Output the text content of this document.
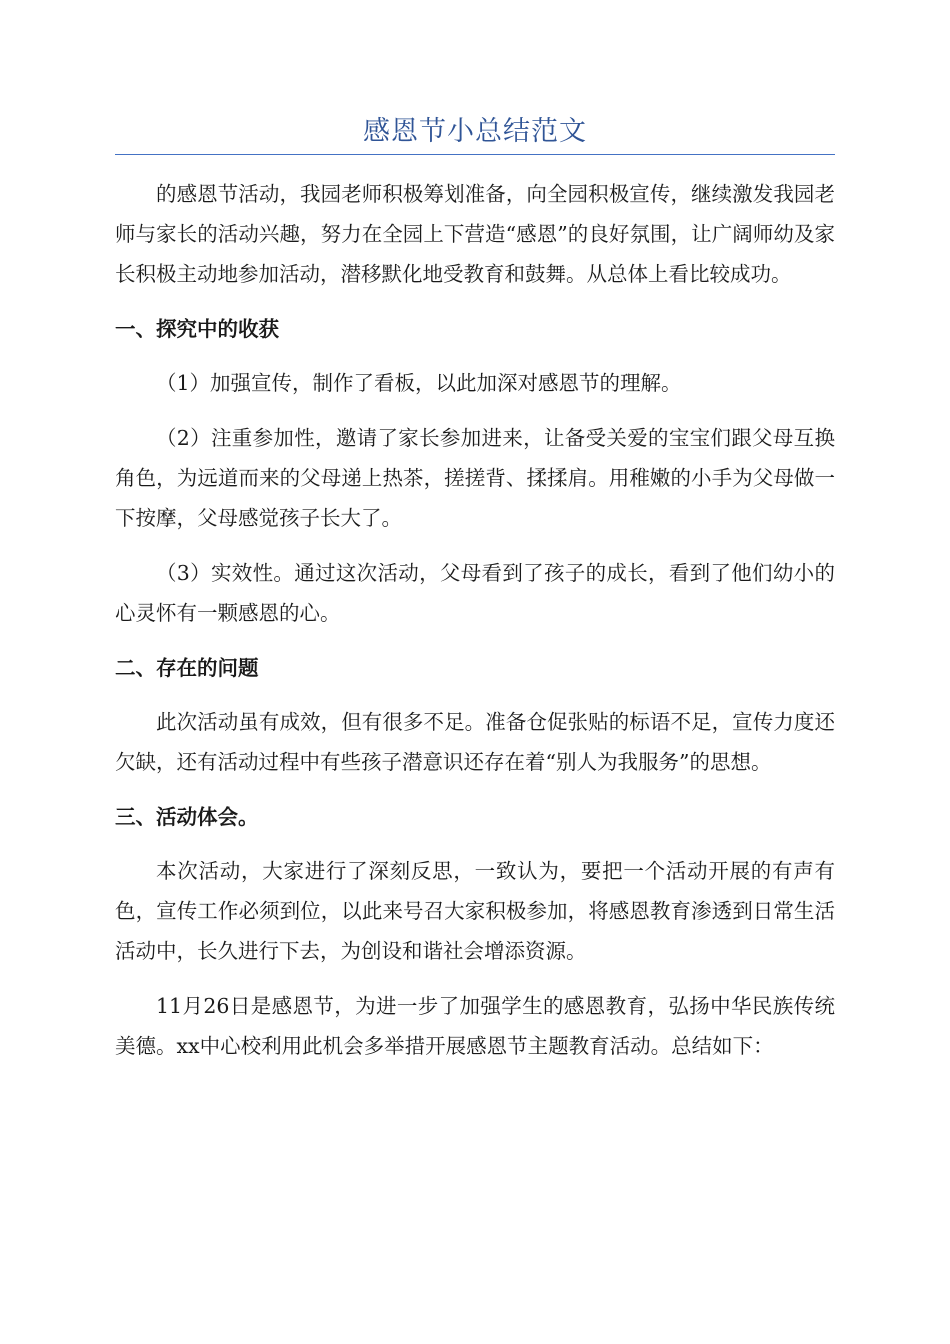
感恩节小总结范文

的感恩节活动，我园老师积极筹划准备，向全园积极宣传，继续激发我园老师与家长的活动兴趣，努力在全园上下营造“感恩”的良好氛围，让广阔师幼及家长积极主动地参加活动，潜移默化地受教育和鼓舞。从总体上看比较成功。

一、探究中的收获

（1）加强宣传，制作了看板，以此加深对感恩节的理解。

（2）注重参加性，邀请了家长参加进来，让备受关爱的宝宝们跟父母互换角色，为远道而来的父母递上热茶，搓搓背、揉揉肩。用稚嫩的小手为父母做一下按摩，父母感觉孩子长大了。

（3）实效性。通过这次活动，父母看到了孩子的成长，看到了他们幼小的心灵怀有一颗感恩的心。

二、存在的问题

此次活动虽有成效，但有很多不足。准备仓促张贴的标语不足，宣传力度还欠缺，还有活动过程中有些孩子潜意识还存在着“别人为我服务”的思想。

三、活动体会。

本次活动，大家进行了深刻反思，一致认为，要把一个活动开展的有声有色，宣传工作必须到位，以此来号召大家积极参加，将感恩教育渗透到日常生活活动中，长久进行下去，为创设和谐社会增添资源。

11月26日是感恩节，为进一步了加强学生的感恩教育，弘扬中华民族传统美德。xx中心校利用此机会多举措开展感恩节主题教育活动。总结如下：
